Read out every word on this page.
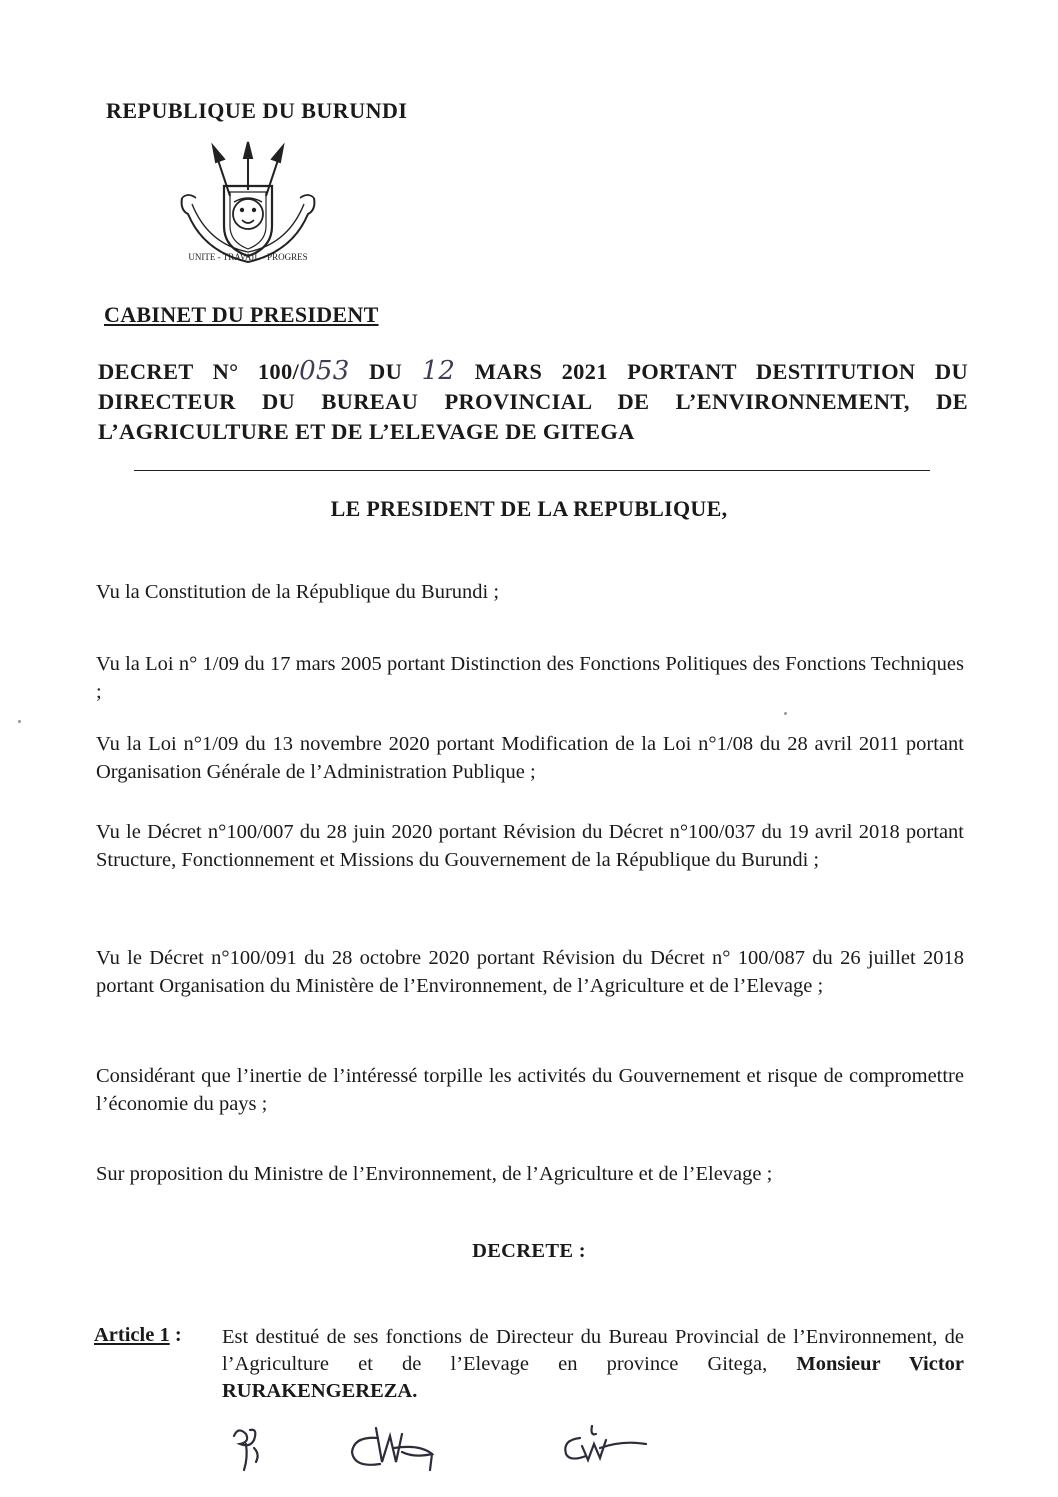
REPUBLIQUE DU BURUNDI
UNITE - TRAVAIL - PROGRES
CABINET DU PRESIDENT
DECRET N° 100/053 DU 12 MARS 2021 PORTANT DESTITUTION DU DIRECTEUR DU BUREAU PROVINCIAL DE L’ENVIRONNEMENT, DE L’AGRICULTURE ET DE L’ELEVAGE DE GITEGA
LE PRESIDENT DE LA REPUBLIQUE,
Vu la Constitution de la République du Burundi ;
Vu la Loi n° 1/09 du 17 mars 2005 portant Distinction des Fonctions Politiques des Fonctions Techniques ;
Vu la Loi n°1/09 du 13 novembre 2020 portant Modification de la Loi n°1/08 du 28 avril 2011 portant Organisation Générale de l’Administration Publique ;
Vu le Décret n°100/007 du 28 juin 2020 portant Révision du Décret n°100/037 du 19 avril 2018 portant Structure, Fonctionnement et Missions du Gouvernement de la République du Burundi ;
Vu le Décret n°100/091 du 28 octobre 2020 portant Révision du Décret n° 100/087 du 26 juillet 2018 portant Organisation du Ministère de l’Environnement, de l’Agriculture et de l’Elevage ;
Considérant que l’inertie de l’intéressé torpille les activités du Gouvernement et risque de compromettre l’économie du pays ;
Sur proposition du Ministre de l’Environnement, de l’Agriculture et de l’Elevage ;
DECRETE :
Article 1 : Est destitué de ses fonctions de Directeur du Bureau Provincial de l’Environnement, de l’Agriculture et de l’Elevage en province Gitega, Monsieur Victor RURAKENGEREZA.
